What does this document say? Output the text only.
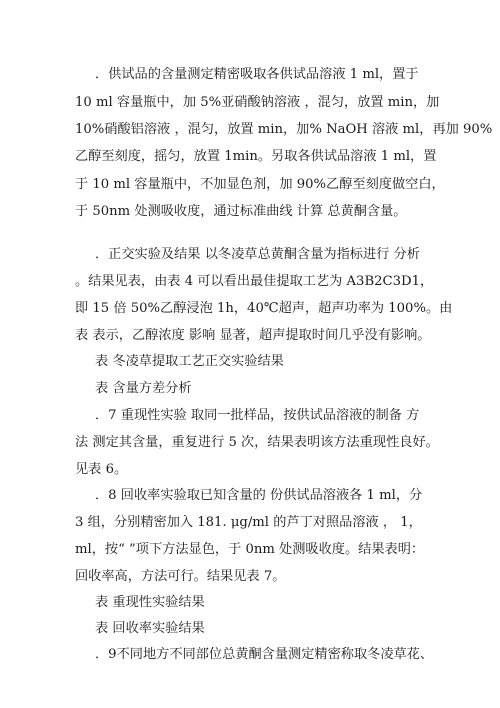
．供试品的含量测定精密吸取各供试品溶液 1 ml，置于
10 ml 容量瓶中，加 5%亚硝酸钠溶液 ，混匀，放置 min，加
10%硝酸铝溶液 ，混匀，放置 min，加% NaOH 溶液 ml，再加 90%
乙醇至刻度，摇匀，放置 1min。另取各供试品溶液 1 ml，置
于 10 ml 容量瓶中，不加显色剂，加 90%乙醇至刻度做空白，
于 50nm 处测吸收度，通过标准曲线 计算 总黄酮含量。
．正交实验及结果 以冬凌草总黄酮含量为指标进行 分析
。结果见表，由表 4 可以看出最佳提取工艺为 A3B2C3D1，
即 15 倍 50%乙醇浸泡 1h，40℃超声，超声功率为 100%。由
表 表示，乙醇浓度 影响 显著，超声提取时间几乎没有影响。
表 冬凌草提取工艺正交实验结果
表 含量方差分析
．7 重现性实验 取同一批样品，按供试品溶液的制备 方
法 测定其含量，重复进行 5 次，结果表明该方法重现性良好。
见表 6。
．8 回收率实验取已知含量的 份供试品溶液各 1 ml，分
3 组，分别精密加入 181. μg/ml 的芦丁对照品溶液 ， 1，
ml，按“ ”项下方法显色，于 0nm 处测吸收度。结果表明：
回收率高，方法可行。结果见表 7。
表 重现性实验结果
表 回收率实验结果
．9不同地方不同部位总黄酮含量测定精密称取冬凌草花、
